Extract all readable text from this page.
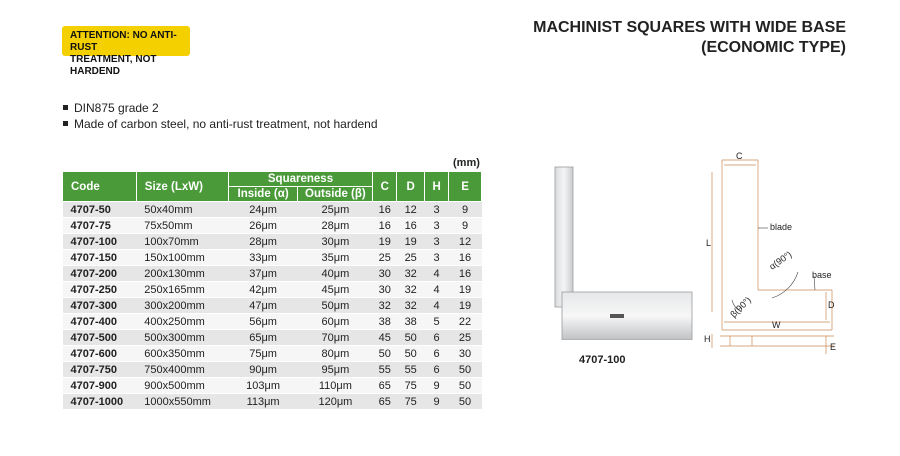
ATTENTION: NO ANTI-RUST
TREATMENT, NOT HARDEND
MACHINIST SQUARES WITH WIDE BASE
(ECONOMIC TYPE)
DIN875 grade 2
Made of carbon steel, no anti-rust treatment, not hardend
(mm)
Code	Size (LxW)	Squareness		C	D	H	E
		Inside (α)	Outside (β)				
4707-50	50x40mm	24μm	25μm	16	12	3	9
4707-75	75x50mm	26μm	28μm	16	16	3	9
4707-100	100x70mm	28μm	30μm	19	19	3	12
4707-150	150x100mm	33μm	35μm	25	25	3	16
4707-200	200x130mm	37μm	40μm	30	32	4	16
4707-250	250x165mm	42μm	45μm	30	32	4	19
4707-300	300x200mm	47μm	50μm	32	32	4	19
4707-400	400x250mm	56μm	60μm	38	38	5	22
4707-500	500x300mm	65μm	70μm	45	50	6	25
4707-600	600x350mm	75μm	80μm	50	50	6	30
4707-750	750x400mm	90μm	95μm	55	55	6	50
4707-900	900x500mm	103μm	110μm	65	75	9	50
4707-1000	1000x550mm	113μm	120μm	65	75	9	50
4707-100
C
blade
α(90°)
L
base
β(90°)	D
W
H
E
